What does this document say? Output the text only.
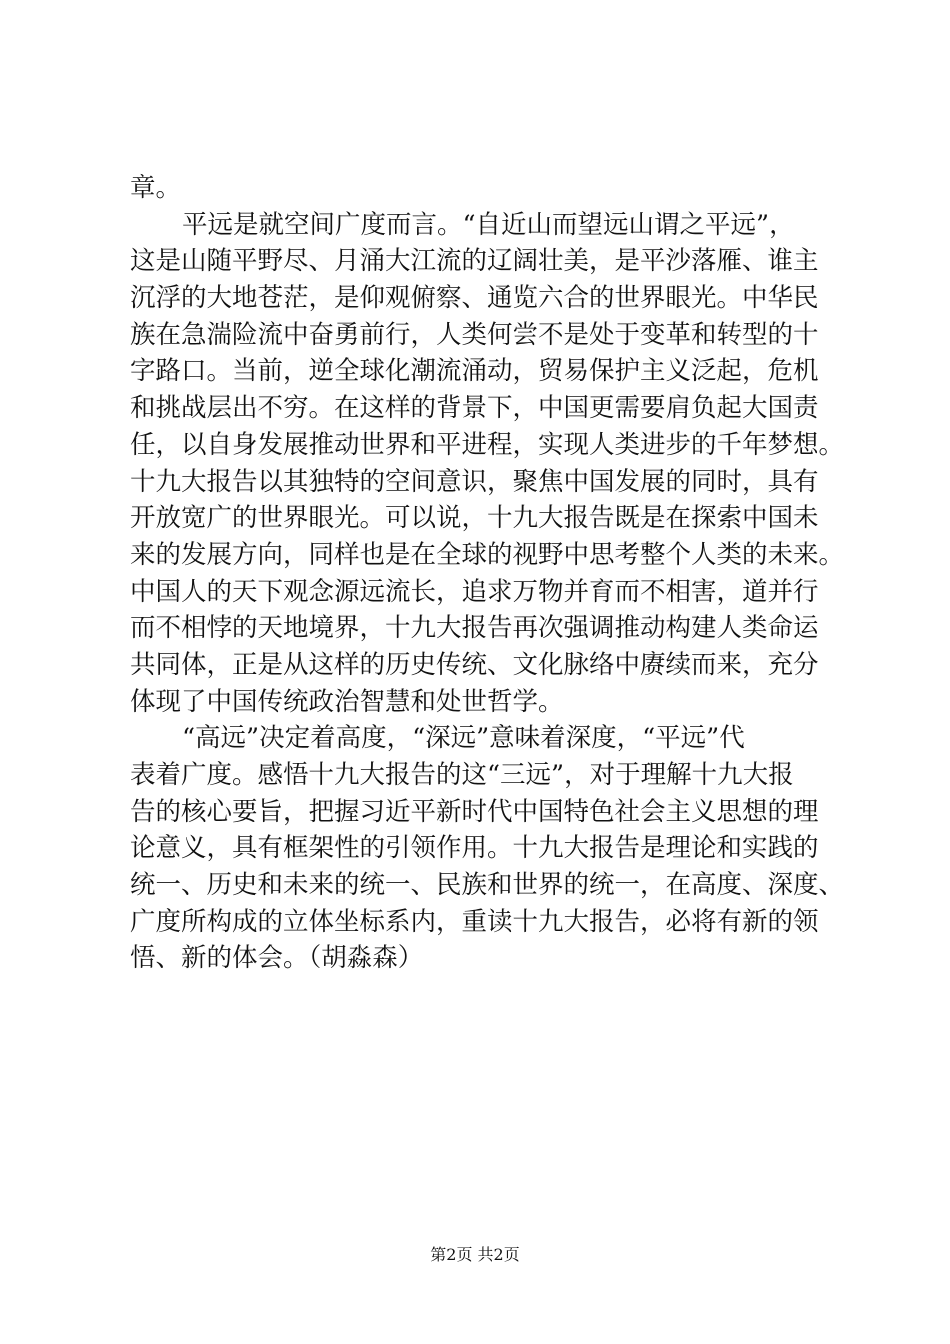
章。
平远是就空间广度而言。“自近山而望远山谓之平远”，
这是山随平野尽、月涌大江流的辽阔壮美，是平沙落雁、谁主
沉浮的大地苍茫，是仰观俯察、通览六合的世界眼光。中华民
族在急湍险流中奋勇前行，人类何尝不是处于变革和转型的十
字路口。当前，逆全球化潮流涌动，贸易保护主义泛起，危机
和挑战层出不穷。在这样的背景下，中国更需要肩负起大国责
任，以自身发展推动世界和平进程，实现人类进步的千年梦想。
十九大报告以其独特的空间意识，聚焦中国发展的同时，具有
开放宽广的世界眼光。可以说，十九大报告既是在探索中国未
来的发展方向，同样也是在全球的视野中思考整个人类的未来。
中国人的天下观念源远流长，追求万物并育而不相害，道并行
而不相悖的天地境界，十九大报告再次强调推动构建人类命运
共同体，正是从这样的历史传统、文化脉络中赓续而来，充分
体现了中国传统政治智慧和处世哲学。
“高远”决定着高度，“深远”意味着深度，“平远”代
表着广度。感悟十九大报告的这“三远”，对于理解十九大报
告的核心要旨，把握习近平新时代中国特色社会主义思想的理
论意义，具有框架性的引领作用。十九大报告是理论和实践的
统一、历史和未来的统一、民族和世界的统一，在高度、深度、
广度所构成的立体坐标系内，重读十九大报告，必将有新的领
悟、新的体会。（胡淼森）
第2页 共2页
